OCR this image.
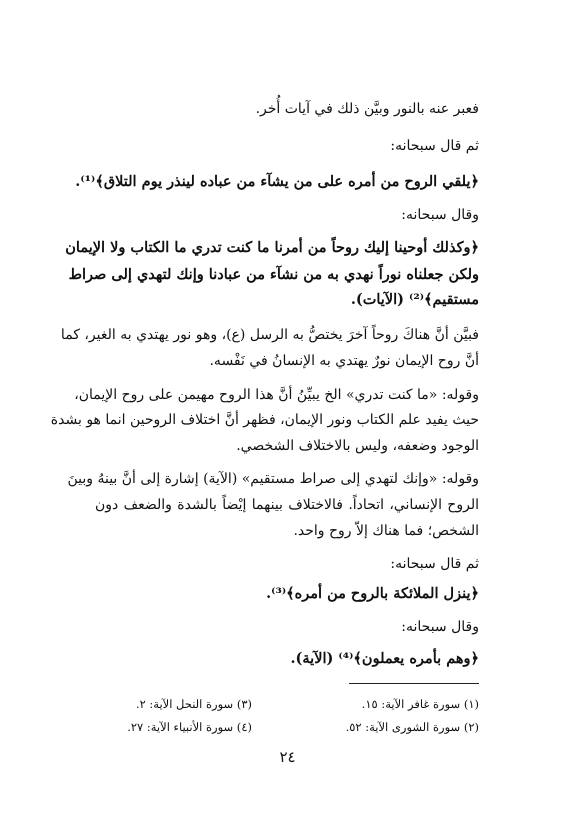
فعبر عنه بالنور وبيَّن ذلك في آيات أُخر.
ثم قال سبحانه:
﴿يلقي الروح من أمره على من يشآء من عباده لينذر يوم التلاق﴾⁽¹⁾.
وقال سبحانه:
﴿وكذلك أوحينا إليك روحاً من أمرنا ما كنت تدري ما الكتاب ولا الإيمان
ولكن جعلناه نوراً نهدي به من نشآء من عبادنا وإنك لتهدي إلى صراط
مستقيم﴾⁽²⁾ (الآيات).
فبيَّن أنَّ هناكَ روحاً آخرَ يختصُّ به الرسل (ع)، وهو نور يهتدي به الغير، كما
أنَّ روح الإيمان نورٌ يهتدي به الإنسانُ في نَفْسه.
وقوله: «ما كنت تدري» الخ يبيِّنُ أنَّ هذا الروح مهيمن على روح الإيمان،
حيث يفيد علم الكتاب ونور الإيمان، فظهر أنَّ اختلاف الروحين انما هو بشدة
الوجود وضعفه، وليس بالاختلاف الشخصي.
وقوله: «وإنك لتهدي إلى صراط مستقيم» (الآية) إشارة إلى أنَّ بينهُ وبينَ
الروح الإنساني، اتحاداً. فالاختلاف بينهما إيْضاً بالشدة والضعف دون
الشخص؛ فما هناك إلاّ روح واحد.
ثم قال سبحانه:
﴿ينزل الملائكة بالروح من أمره﴾⁽³⁾.
وقال سبحانه:
﴿وهم بأمره يعملون﴾⁽⁴⁾ (الآية).
(١) سورة غافر الآية: ١٥.
(٢) سورة الشورى الآية: ٥٢.
(٣) سورة النحل الآية: ٢.
(٤) سورة الأنبياء الآية: ٢٧.
٢٤
